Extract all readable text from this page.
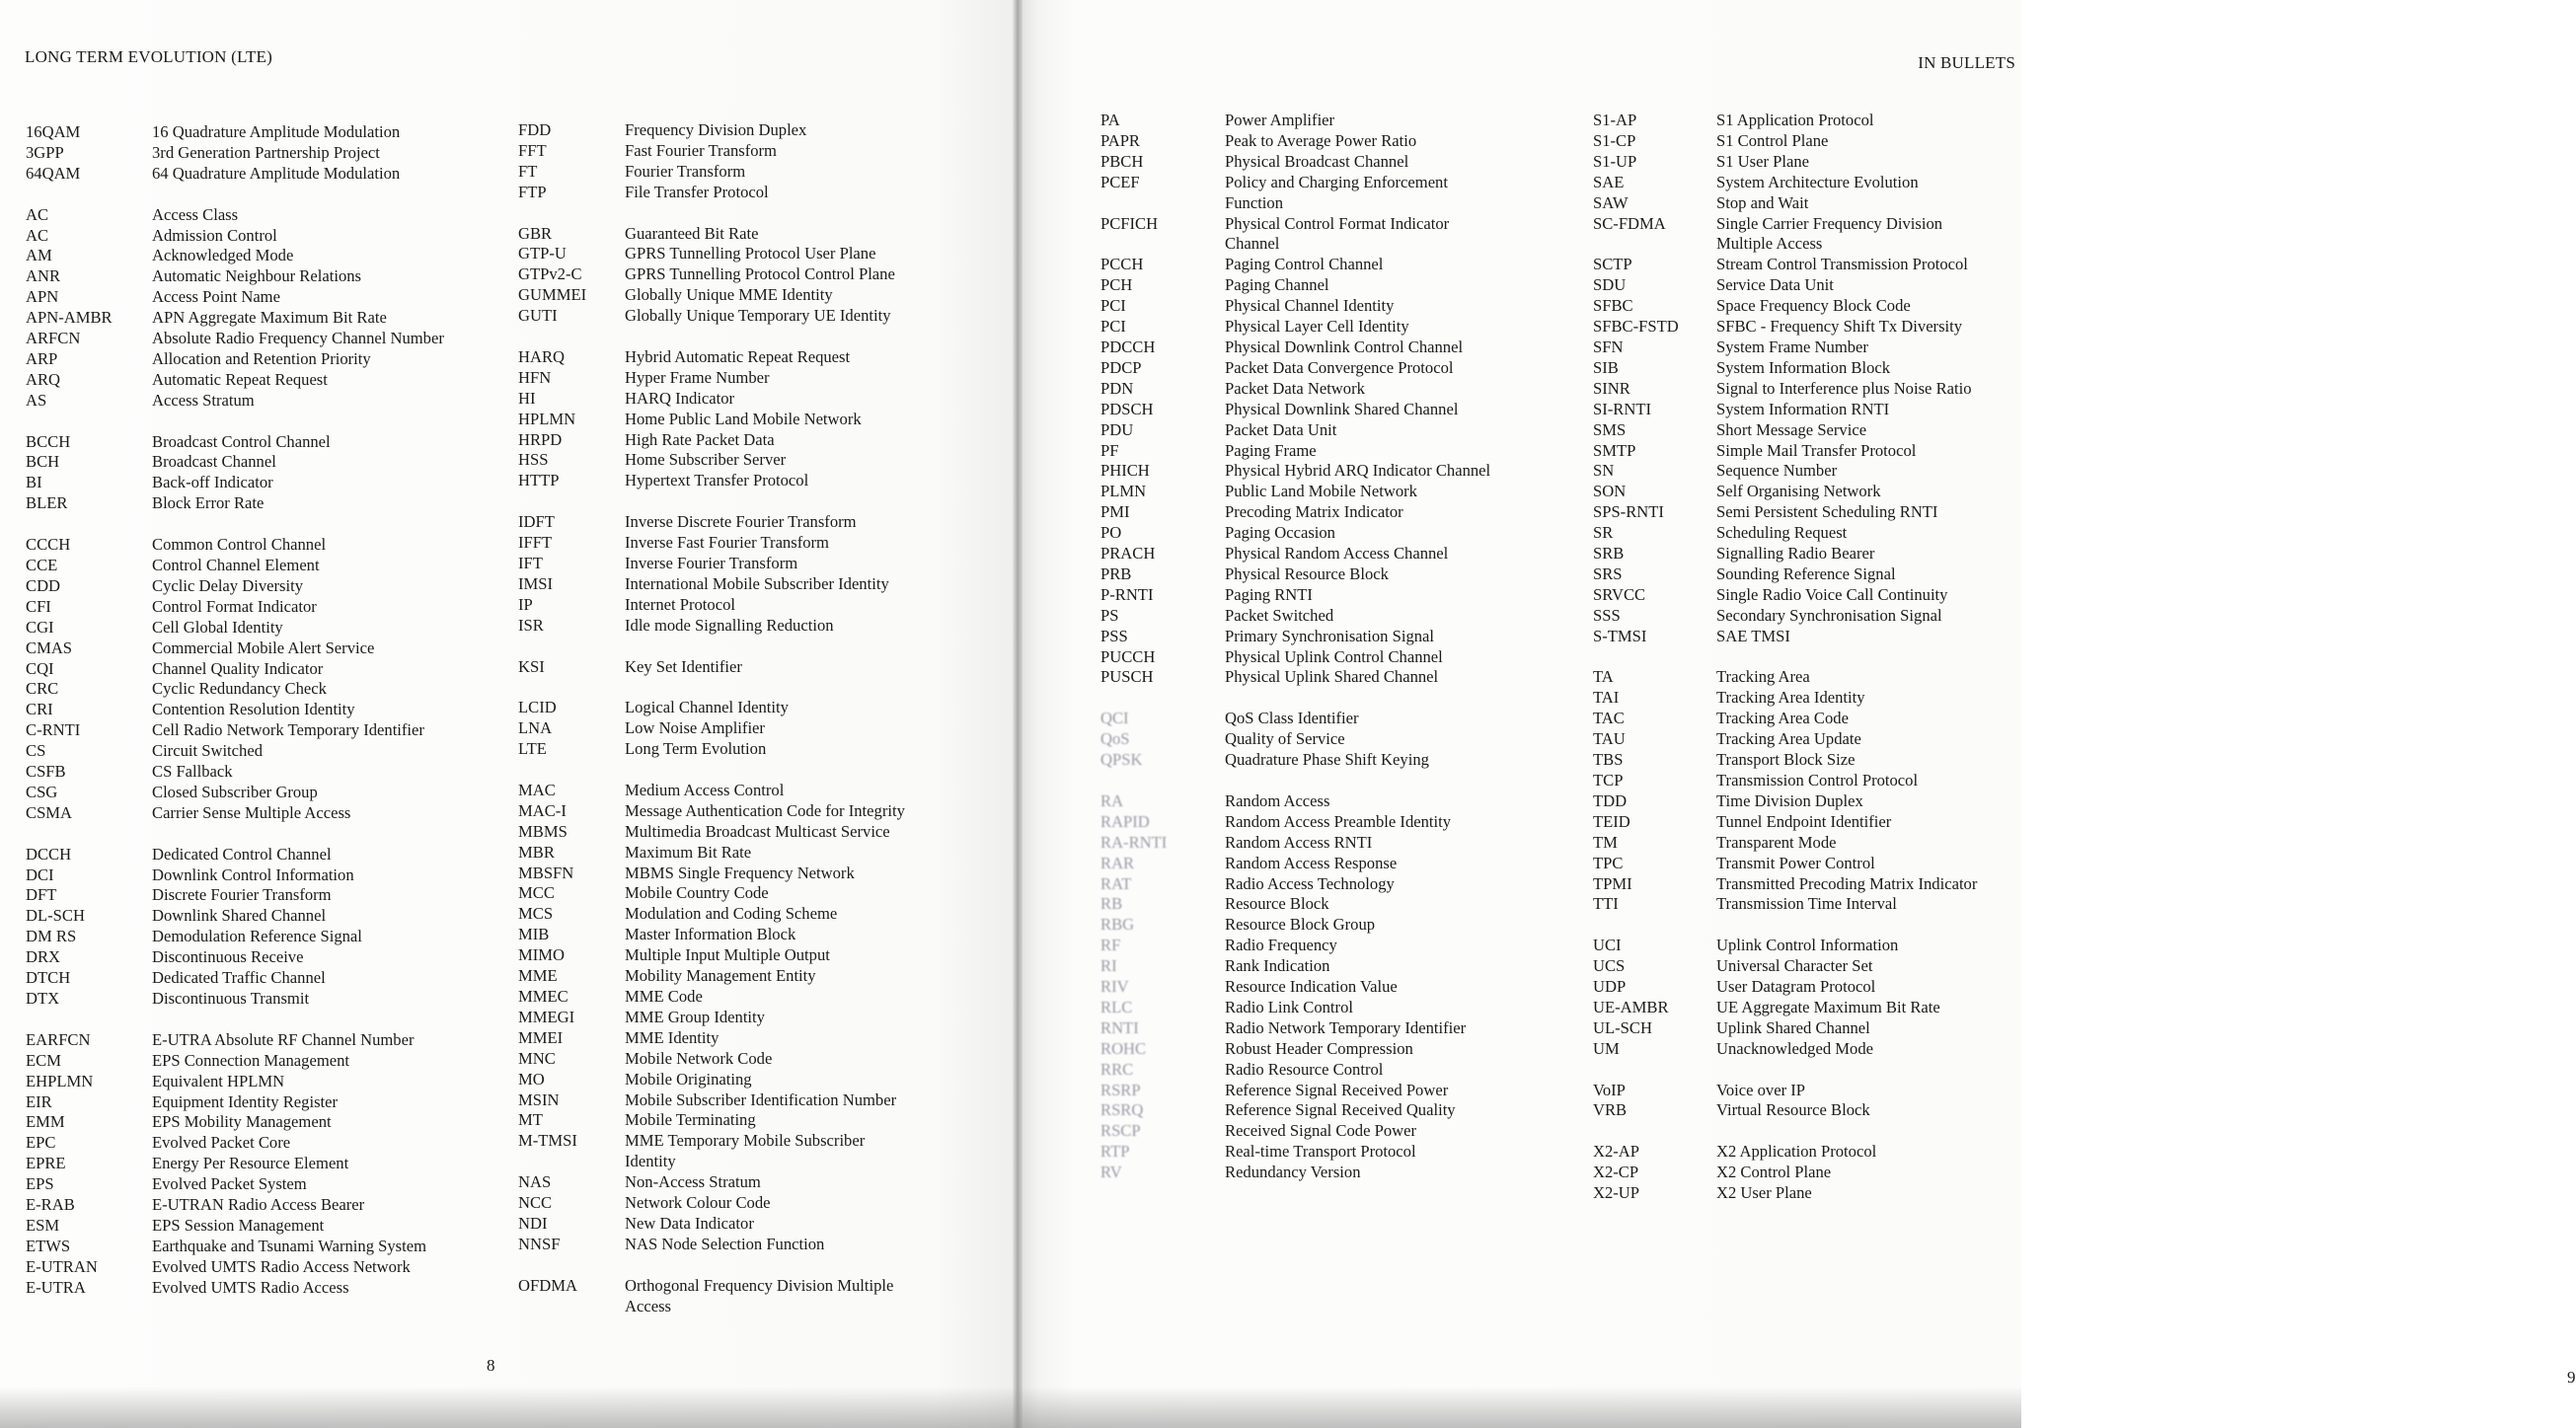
LONG TERM EVOLUTION (LTE)
16QAM	16 Quadrature Amplitude Modulation
3GPP	3rd Generation Partnership Project
64QAM	64 Quadrature Amplitude Modulation
AC	Access Class
AC	Admission Control
AM	Acknowledged Mode
ANR	Automatic Neighbour Relations
APN	Access Point Name
APN-AMBR	APN Aggregate Maximum Bit Rate
ARFCN	Absolute Radio Frequency Channel Number
ARP	Allocation and Retention Priority
ARQ	Automatic Repeat Request
AS	Access Stratum
BCCH	Broadcast Control Channel
BCH	Broadcast Channel
BI	Back-off Indicator
BLER	Block Error Rate
CCCH	Common Control Channel
CCE	Control Channel Element
CDD	Cyclic Delay Diversity
CFI	Control Format Indicator
CGI	Cell Global Identity
CMAS	Commercial Mobile Alert Service
CQI	Channel Quality Indicator
CRC	Cyclic Redundancy Check
CRI	Contention Resolution Identity
C-RNTI	Cell Radio Network Temporary Identifier
CS	Circuit Switched
CSFB	CS Fallback
CSG	Closed Subscriber Group
CSMA	Carrier Sense Multiple Access
DCCH	Dedicated Control Channel
DCI	Downlink Control Information
DFT	Discrete Fourier Transform
DL-SCH	Downlink Shared Channel
DM RS	Demodulation Reference Signal
DRX	Discontinuous Receive
DTCH	Dedicated Traffic Channel
DTX	Discontinuous Transmit
EARFCN	E-UTRA Absolute RF Channel Number
ECM	EPS Connection Management
EHPLMN	Equivalent HPLMN
EIR	Equipment Identity Register
EMM	EPS Mobility Management
EPC	Evolved Packet Core
EPRE	Energy Per Resource Element
EPS	Evolved Packet System
E-RAB	E-UTRAN Radio Access Bearer
ESM	EPS Session Management
ETWS	Earthquake and Tsunami Warning System
E-UTRAN	Evolved UMTS Radio Access Network
E-UTRA	Evolved UMTS Radio Access
FDD	Frequency Division Duplex
FFT	Fast Fourier Transform
FT	Fourier Transform
FTP	File Transfer Protocol
GBR	Guaranteed Bit Rate
GTP-U	GPRS Tunnelling Protocol User Plane
GTPv2-C	GPRS Tunnelling Protocol Control Plane
GUMMEI	Globally Unique MME Identity
GUTI	Globally Unique Temporary UE Identity
HARQ	Hybrid Automatic Repeat Request
HFN	Hyper Frame Number
HI	HARQ Indicator
HPLMN	Home Public Land Mobile Network
HRPD	High Rate Packet Data
HSS	Home Subscriber Server
HTTP	Hypertext Transfer Protocol
IDFT	Inverse Discrete Fourier Transform
IFFT	Inverse Fast Fourier Transform
IFT	Inverse Fourier Transform
IMSI	International Mobile Subscriber Identity
IP	Internet Protocol
ISR	Idle mode Signalling Reduction
KSI	Key Set Identifier
LCID	Logical Channel Identity
LNA	Low Noise Amplifier
LTE	Long Term Evolution
MAC	Medium Access Control
MAC-I	Message Authentication Code for Integrity
MBMS	Multimedia Broadcast Multicast Service
MBR	Maximum Bit Rate
MBSFN	MBMS Single Frequency Network
MCC	Mobile Country Code
MCS	Modulation and Coding Scheme
MIB	Master Information Block
MIMO	Multiple Input Multiple Output
MME	Mobility Management Entity
MMEC	MME Code
MMEGI	MME Group Identity
MMEI	MME Identity
MNC	Mobile Network Code
MO	Mobile Originating
MSIN	Mobile Subscriber Identification Number
MT	Mobile Terminating
M-TMSI	MME Temporary Mobile Subscriber
Identity
NAS	Non-Access Stratum
NCC	Network Colour Code
NDI	New Data Indicator
NNSF	NAS Node Selection Function
OFDMA	Orthogonal Frequency Division Multiple
Access
8
IN BULLETS
9
PA	Power Amplifier
PAPR	Peak to Average Power Ratio
PBCH	Physical Broadcast Channel
PCEF	Policy and Charging Enforcement
Function
PCFICH	Physical Control Format Indicator
Channel
PCCH	Paging Control Channel
PCH	Paging Channel
PCI	Physical Channel Identity
PCI	Physical Layer Cell Identity
PDCCH	Physical Downlink Control Channel
PDCP	Packet Data Convergence Protocol
PDN	Packet Data Network
PDSCH	Physical Downlink Shared Channel
PDU	Packet Data Unit
PF	Paging Frame
PHICH	Physical Hybrid ARQ Indicator Channel
PLMN	Public Land Mobile Network
PMI	Precoding Matrix Indicator
PO	Paging Occasion
PRACH	Physical Random Access Channel
PRB	Physical Resource Block
P-RNTI	Paging RNTI
PS	Packet Switched
PSS	Primary Synchronisation Signal
PUCCH	Physical Uplink Control Channel
PUSCH	Physical Uplink Shared Channel
QCI	QoS Class Identifier
QoS	Quality of Service
QPSK	Quadrature Phase Shift Keying
RA	Random Access
RAPID	Random Access Preamble Identity
RA-RNTI	Random Access RNTI
RAR	Random Access Response
RAT	Radio Access Technology
RB	Resource Block
RBG	Resource Block Group
RF	Radio Frequency
RI	Rank Indication
RIV	Resource Indication Value
RLC	Radio Link Control
RNTI	Radio Network Temporary Identifier
ROHC	Robust Header Compression
RRC	Radio Resource Control
RSRP	Reference Signal Received Power
RSRQ	Reference Signal Received Quality
RSCP	Received Signal Code Power
RTP	Real-time Transport Protocol
RV	Redundancy Version
S1-AP	S1 Application Protocol
S1-CP	S1 Control Plane
S1-UP	S1 User Plane
SAE	System Architecture Evolution
SAW	Stop and Wait
SC-FDMA	Single Carrier Frequency Division
Multiple Access
SCTP	Stream Control Transmission Protocol
SDU	Service Data Unit
SFBC	Space Frequency Block Code
SFBC-FSTD	SFBC - Frequency Shift Tx Diversity
SFN	System Frame Number
SIB	System Information Block
SINR	Signal to Interference plus Noise Ratio
SI-RNTI	System Information RNTI
SMS	Short Message Service
SMTP	Simple Mail Transfer Protocol
SN	Sequence Number
SON	Self Organising Network
SPS-RNTI	Semi Persistent Scheduling RNTI
SR	Scheduling Request
SRB	Signalling Radio Bearer
SRS	Sounding Reference Signal
SRVCC	Single Radio Voice Call Continuity
SSS	Secondary Synchronisation Signal
S-TMSI	SAE TMSI
TA	Tracking Area
TAI	Tracking Area Identity
TAC	Tracking Area Code
TAU	Tracking Area Update
TBS	Transport Block Size
TCP	Transmission Control Protocol
TDD	Time Division Duplex
TEID	Tunnel Endpoint Identifier
TM	Transparent Mode
TPC	Transmit Power Control
TPMI	Transmitted Precoding Matrix Indicator
TTI	Transmission Time Interval
UCI	Uplink Control Information
UCS	Universal Character Set
UDP	User Datagram Protocol
UE-AMBR	UE Aggregate Maximum Bit Rate
UL-SCH	Uplink Shared Channel
UM	Unacknowledged Mode
VoIP	Voice over IP
VRB	Virtual Resource Block
X2-AP	X2 Application Protocol
X2-CP	X2 Control Plane
X2-UP	X2 User Plane
